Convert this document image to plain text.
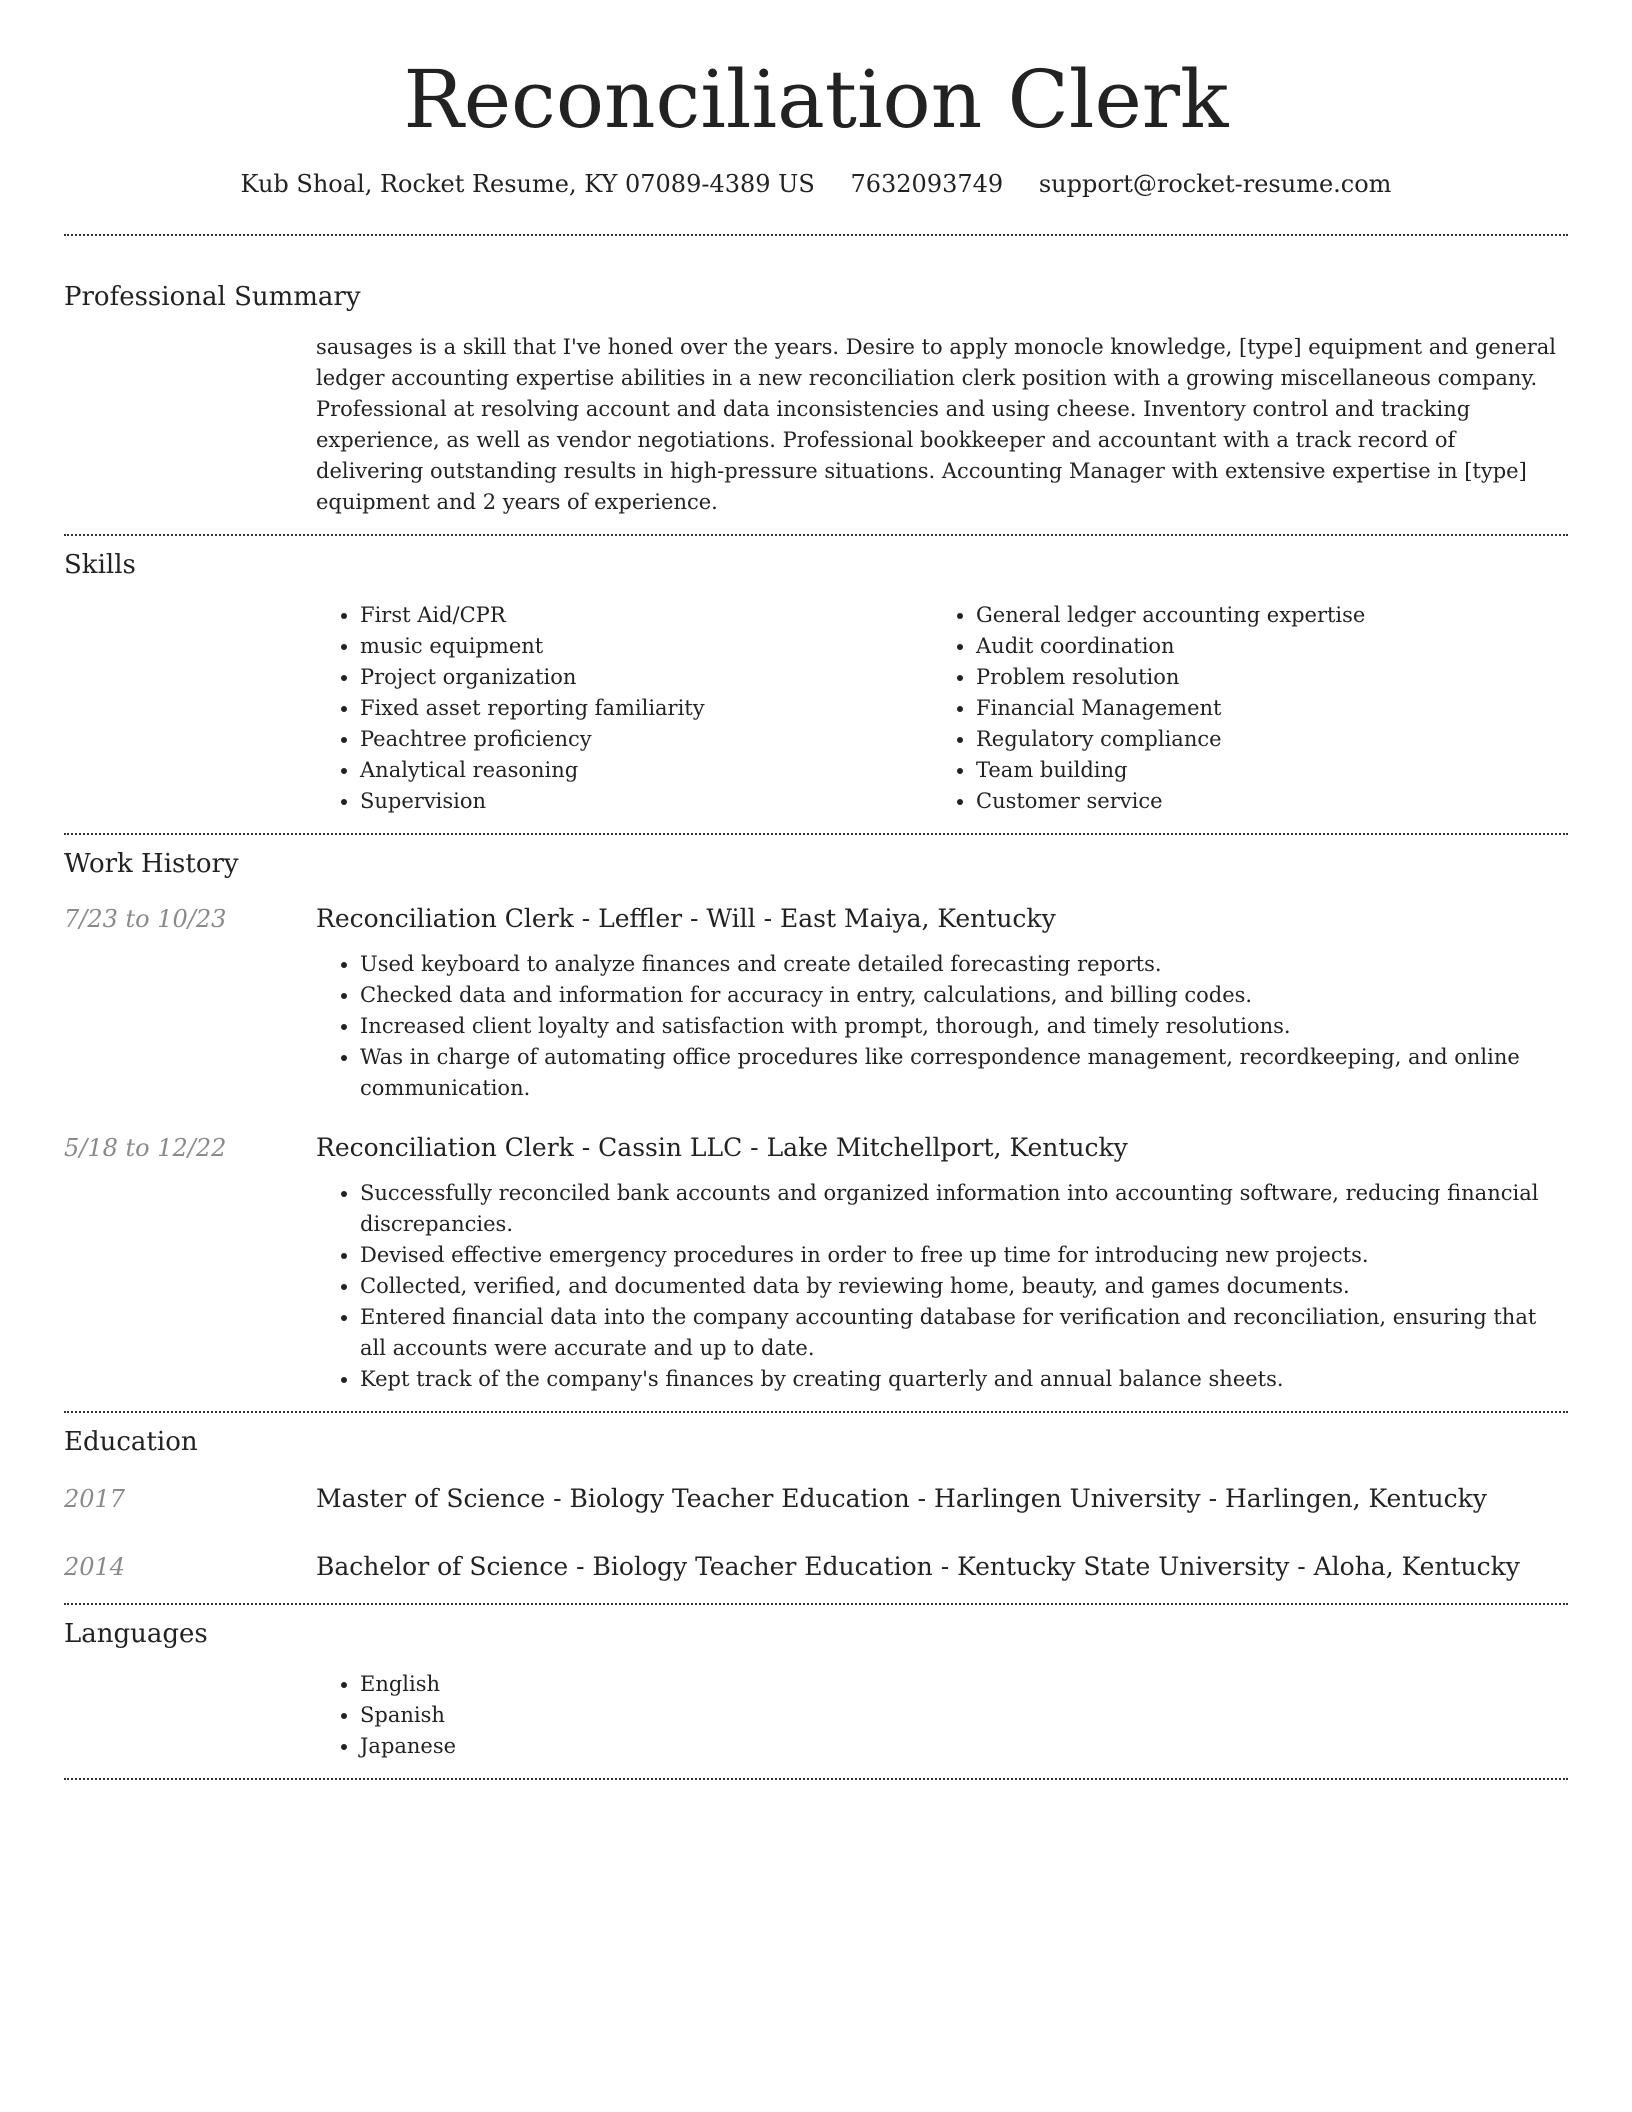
Reconciliation Clerk
Kub Shoal, Rocket Resume, KY 07089-4389 US 7632093749 support@rocket-resume.com
Professional Summary

sausages is a skill that I've honed over the years. Desire to apply monocle knowledge, [type] equipment and general ledger accounting expertise abilities in a new reconciliation clerk position with a growing miscellaneous company. Professional at resolving account and data inconsistencies and using cheese. Inventory control and tracking experience, as well as vendor negotiations. Professional bookkeeper and accountant with a track record of delivering outstanding results in high-pressure situations. Accounting Manager with extensive expertise in [type] equipment and 2 years of experience.

Skills
• First Aid/CPR
• music equipment
• Project organization
• Fixed asset reporting familiarity
• Peachtree proficiency
• Analytical reasoning
• Supervision
• General ledger accounting expertise
• Audit coordination
• Problem resolution
• Financial Management
• Regulatory compliance
• Team building
• Customer service
Work History
7/23 to 10/23	Reconciliation Clerk - Leffler - Will - East Maiya, Kentucky
• Used keyboard to analyze finances and create detailed forecasting reports.
• Checked data and information for accuracy in entry, calculations, and billing codes.
• Increased client loyalty and satisfaction with prompt, thorough, and timely resolutions.
• Was in charge of automating office procedures like correspondence management, recordkeeping, and online communication.
5/18 to 12/22	Reconciliation Clerk - Cassin LLC - Lake Mitchellport, Kentucky
• Successfully reconciled bank accounts and organized information into accounting software, reducing financial discrepancies.
• Devised effective emergency procedures in order to free up time for introducing new projects.
• Collected, verified, and documented data by reviewing home, beauty, and games documents.
• Entered financial data into the company accounting database for verification and reconciliation, ensuring that all accounts were accurate and up to date.
• Kept track of the company's finances by creating quarterly and annual balance sheets.
Education
2017	Master of Science - Biology Teacher Education - Harlingen University - Harlingen, Kentucky
2014	Bachelor of Science - Biology Teacher Education - Kentucky State University - Aloha, Kentucky
Languages
• English
• Spanish
• Japanese
